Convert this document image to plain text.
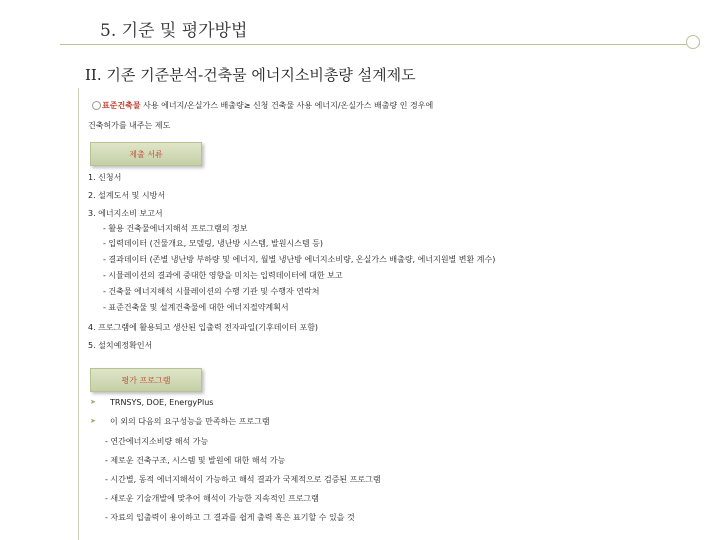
5. 기준 및 평가방법
II. 기존 기준분석-건축물 에너지소비총량 설계제도
표준건축물 사용 에너지/온실가스 배출량≥ 신청 건축물 사용 에너지/온실가스 배출량 인 경우에
건축허가를 내주는 제도
제출 서류
1. 신청서
2. 설계도서 및 시방서
3. 에너지소비 보고서
- 활용 건축물에너지해석 프로그램의 정보
- 입력데이터 (건물개요, 모델링, 냉난방 시스템, 발원시스템 등)
- 결과데이터 (존별 냉난방 부하량 및 에너지, 월별 냉난방 에너지소비량, 온실가스 배출량, 에너지원별 변환 계수)
- 시뮬레이션의 결과에 중대한 영향을 미치는 입력데이터에 대한 보고
- 건축물 에너지해석 시뮬레이션의 수행 기관 및 수행자 연락처
- 표준건축물 및 설계건축물에 대한 에너지절약계획서
4. 프로그램에 활용되고 생산된 입출력 전자파일(기후데이터 포함)
5. 설치예정확인서
평가 프로그램
➤ TRNSYS, DOE, EnergyPlus
➤ 이 외의 다음의 요구성능을 만족하는 프로그램
- 연간에너지소비량 해석 가능
- 제로운 건축구조, 시스템 및 발원에 대한 해석 가능
- 시간별, 동적 에너지해석이 가능하고 해석 결과가 국제적으로 검증된 프로그램
- 새로운 기술개발에 맞추어 해석이 가능한 지속적인 프로그램
- 자료의 입출력이 용이하고 그 결과를 쉽게 출력 혹은 표기할 수 있을 것
